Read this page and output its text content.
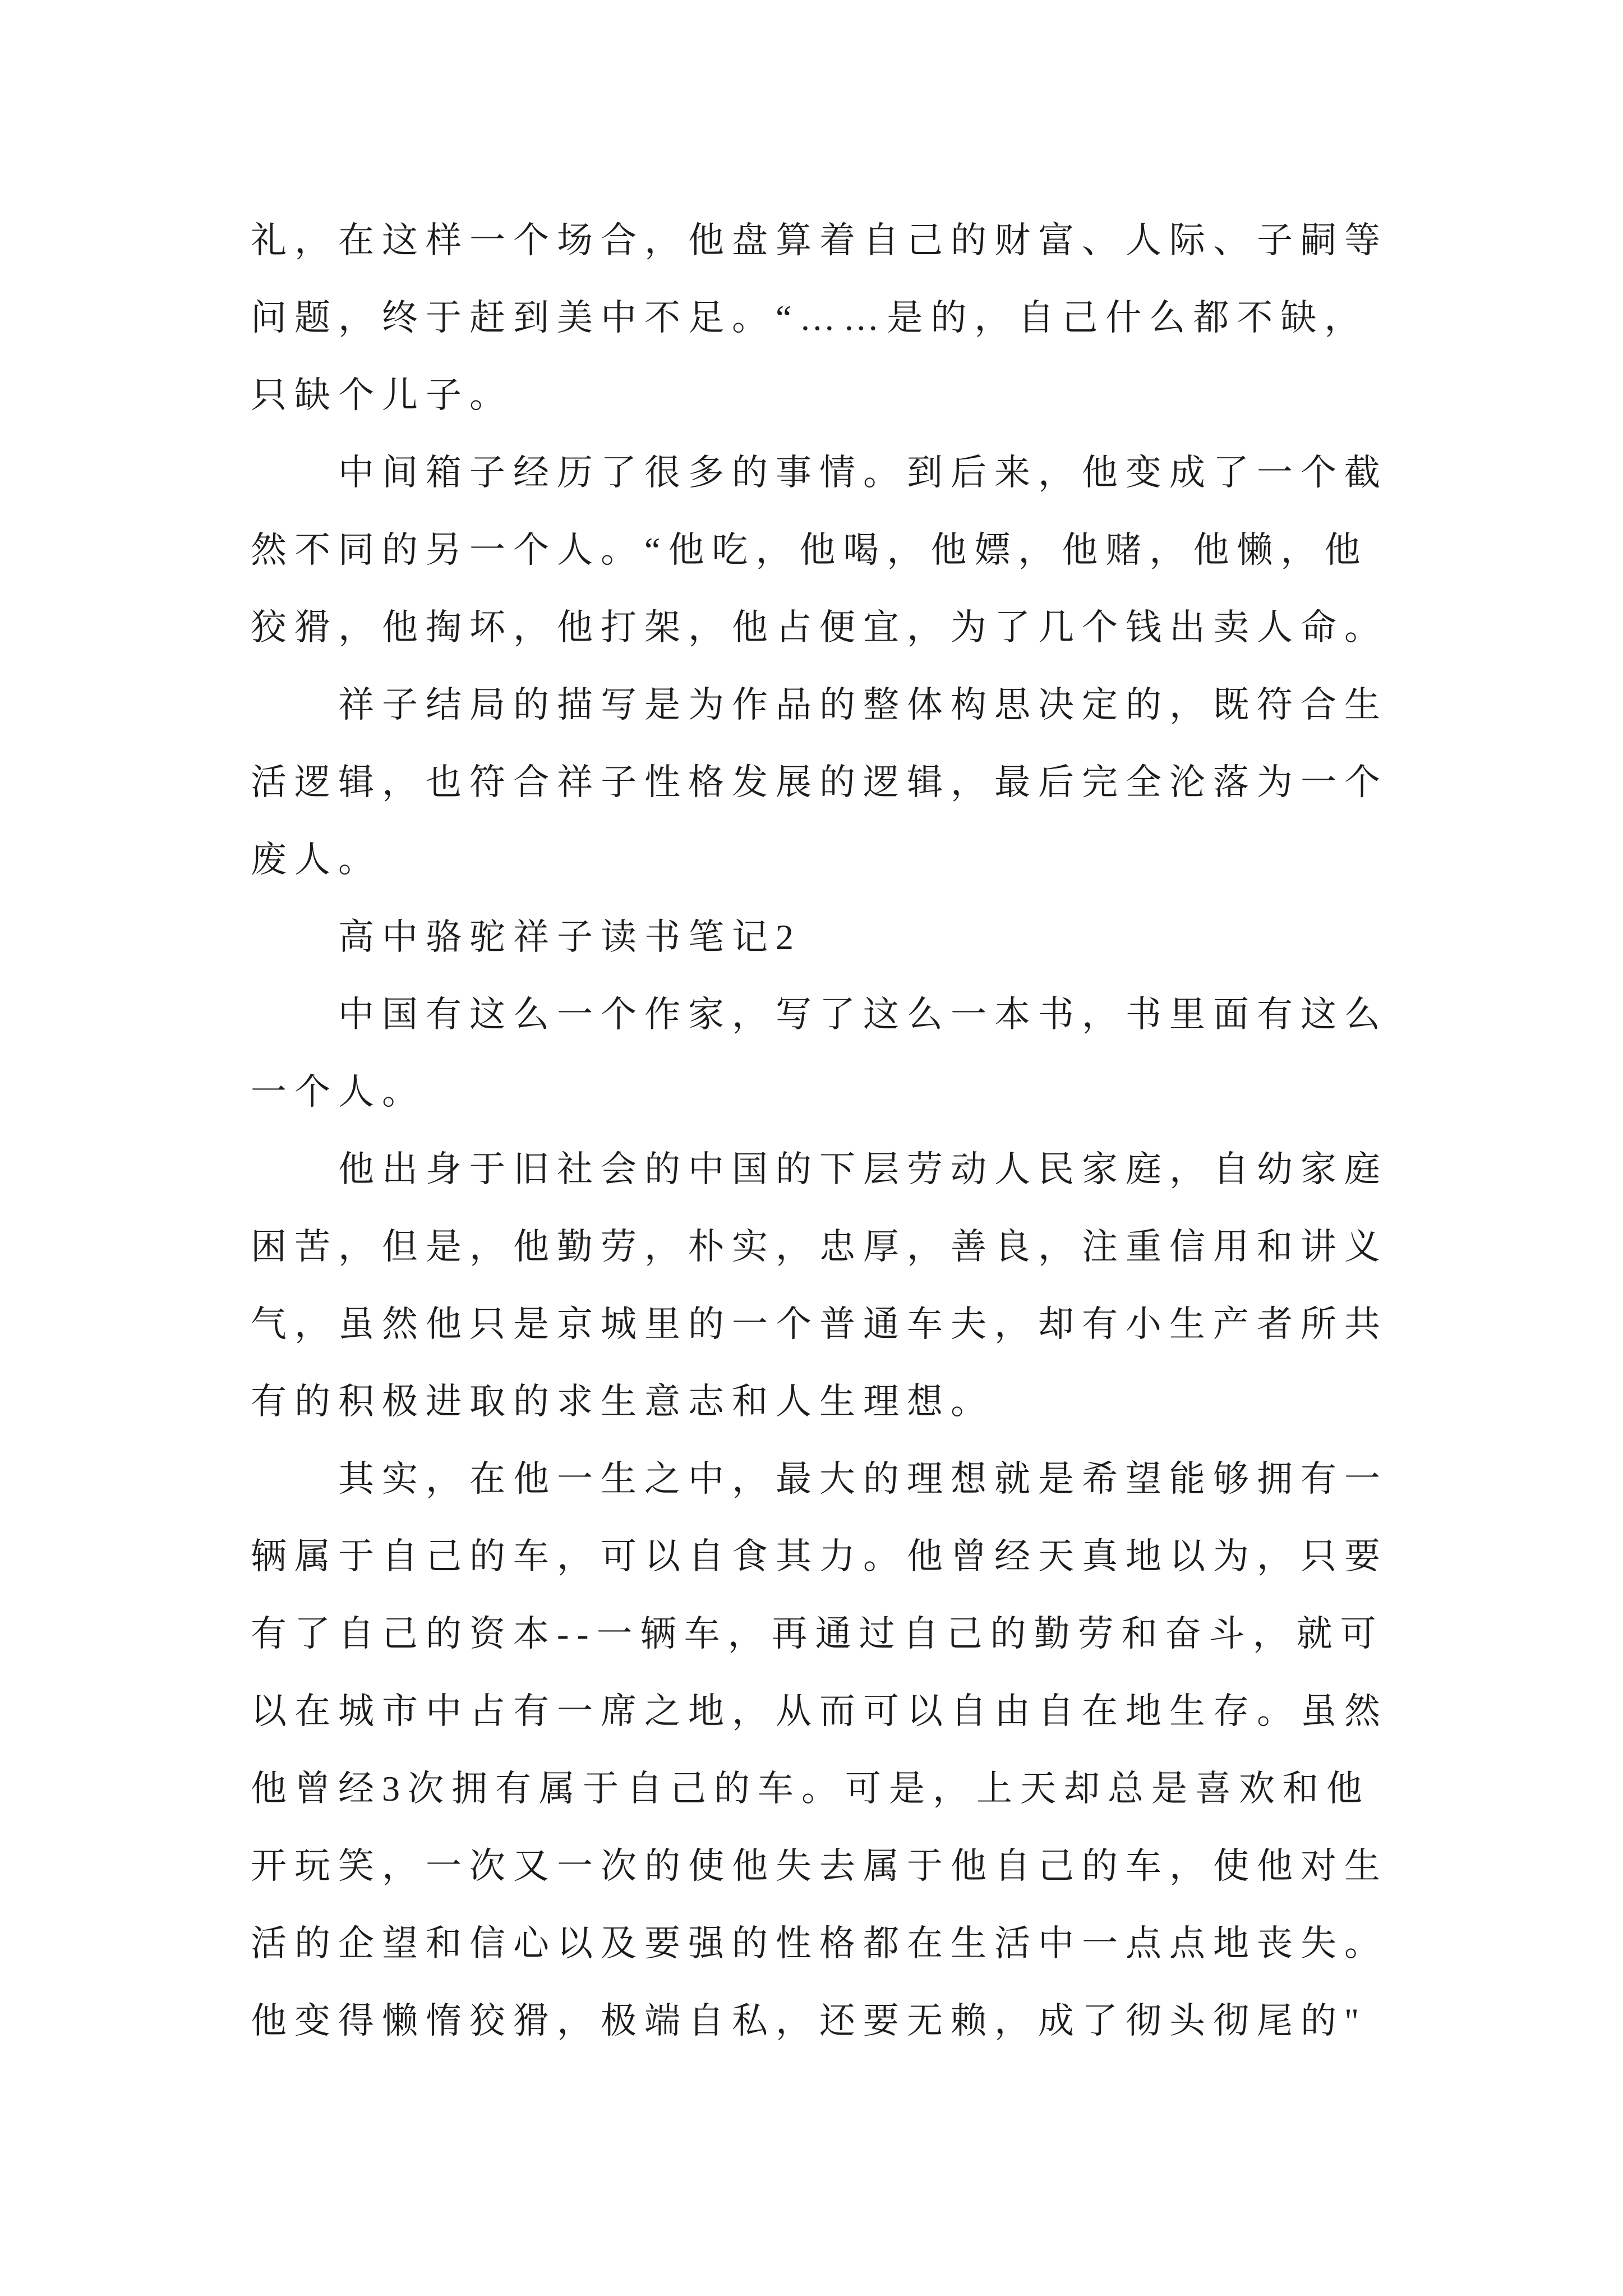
礼，在这样一个场合，他盘算着自己的财富、人际、子嗣等
问题，终于赶到美中不足。“……是的，自己什么都不缺，
只缺个儿子。
中间箱子经历了很多的事情。到后来，他变成了一个截
然不同的另一个人。“他吃，他喝，他嫖，他赌，他懒，他
狡猾，他掏坏，他打架，他占便宜，为了几个钱出卖人命。
祥子结局的描写是为作品的整体构思决定的，既符合生
活逻辑，也符合祥子性格发展的逻辑，最后完全沦落为一个
废人。
高中骆驼祥子读书笔记2
中国有这么一个作家，写了这么一本书，书里面有这么
一个人。
他出身于旧社会的中国的下层劳动人民家庭，自幼家庭
困苦，但是，他勤劳，朴实，忠厚，善良，注重信用和讲义
气，虽然他只是京城里的一个普通车夫，却有小生产者所共
有的积极进取的求生意志和人生理想。
其实，在他一生之中，最大的理想就是希望能够拥有一
辆属于自己的车，可以自食其力。他曾经天真地以为，只要
有了自己的资本--一辆车，再通过自己的勤劳和奋斗，就可
以在城市中占有一席之地，从而可以自由自在地生存。虽然
他曾经3次拥有属于自己的车。可是，上天却总是喜欢和他
开玩笑，一次又一次的使他失去属于他自己的车，使他对生
活的企望和信心以及要强的性格都在生活中一点点地丧失。
他变得懒惰狡猾，极端自私，还要无赖，成了彻头彻尾的"
